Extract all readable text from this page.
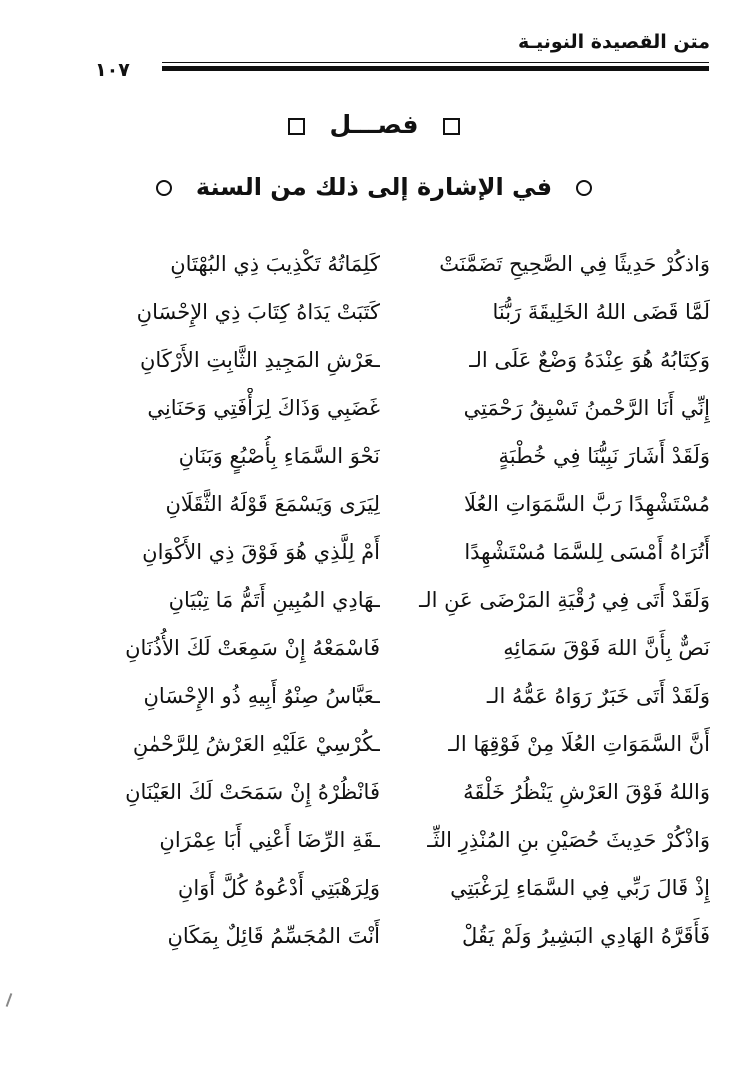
متن القصيدة النونيـة
١٠٧
فصـــل
في الإشارة إلى ذلك من السنة
وَاذكُرْ حَدِيثًا فِي الصَّحِيحِ تَضَمَّنَتْ
كَلِمَاتُهُ تَكْذِيبَ ذِي البُهْتَانِ
لَمَّا قَضَى اللهُ الخَلِيقَةَ رَبُّنَا
كَتَبَتْ يَدَاهُ كِتَابَ ذِي الإِحْسَانِ
وَكِتَابُهُ هُوَ عِنْدَهُ وَضْعٌ عَلَى الـ
ـعَرْشِ المَجِيدِ الثَّابِتِ الأَرْكَانِ
إِنِّي أَنَا الرَّحْمنُ تَسْبِقُ رَحْمَتِي
غَضَبِي وَذَاكَ لِرَأْفَتِي وَحَنَانِي
وَلَقَدْ أَشَارَ نَبِيُّنَا فِي خُطْبَةٍ
نَحْوَ السَّمَاءِ بِأُصْبُعٍ وَبَنَانِ
مُسْتَشْهِدًا رَبَّ السَّمَوَاتِ العُلَا
لِيَرَى وَيَسْمَعَ قَوْلَهُ الثَّقَلَانِ
أَتُرَاهُ أَمْسَى لِلسَّمَا مُسْتَشْهِدًا
أَمْ لِلَّذِي هُوَ فَوْقَ ذِي الأَكْوَانِ
وَلَقَدْ أَتَى فِي رُقْيَةِ المَرْضَى عَنِ الـ
ـهَادِي المُبِينِ أَتَمُّ مَا تِبْيَانِ
نَصٌّ بِأَنَّ اللهَ فَوْقَ سَمَائِهِ
فَاسْمَعْهُ إِنْ سَمِعَتْ لَكَ الأُذُنَانِ
وَلَقَدْ أَتَى خَبَرٌ رَوَاهُ عَمُّهُ الـ
ـعَبَّاسُ صِنْوُ أَبِيهِ ذُو الإِحْسَانِ
أَنَّ السَّمَوَاتِ العُلَا مِنْ فَوْقِهَا الـ
ـكُرْسِيْ عَلَيْهِ العَرْشُ لِلرَّحْمٰنِ
وَاللهُ فَوْقَ العَرْشِ يَنْظُرُ خَلْقَهُ
فَانْظُرْهُ إِنْ سَمَحَتْ لَكَ العَيْنَانِ
وَاذْكُرْ حَدِيثَ حُصَيْنِ بنِ المُنْذِرِ الثِّـ
ـقَةِ الرِّضَا أَعْنِي أَبَا عِمْرَانِ
إِذْ قَالَ رَبِّي فِي السَّمَاءِ لِرَغْبَتِي
وَلِرَهْبَتِي أَدْعُوهُ كُلَّ أَوَانِ
فَأَقَرَّهُ الهَادِي البَشِيرُ وَلَمْ يَقُلْ
أَنْتَ المُجَسِّمُ قَائِلٌ بِمَكَانِ
